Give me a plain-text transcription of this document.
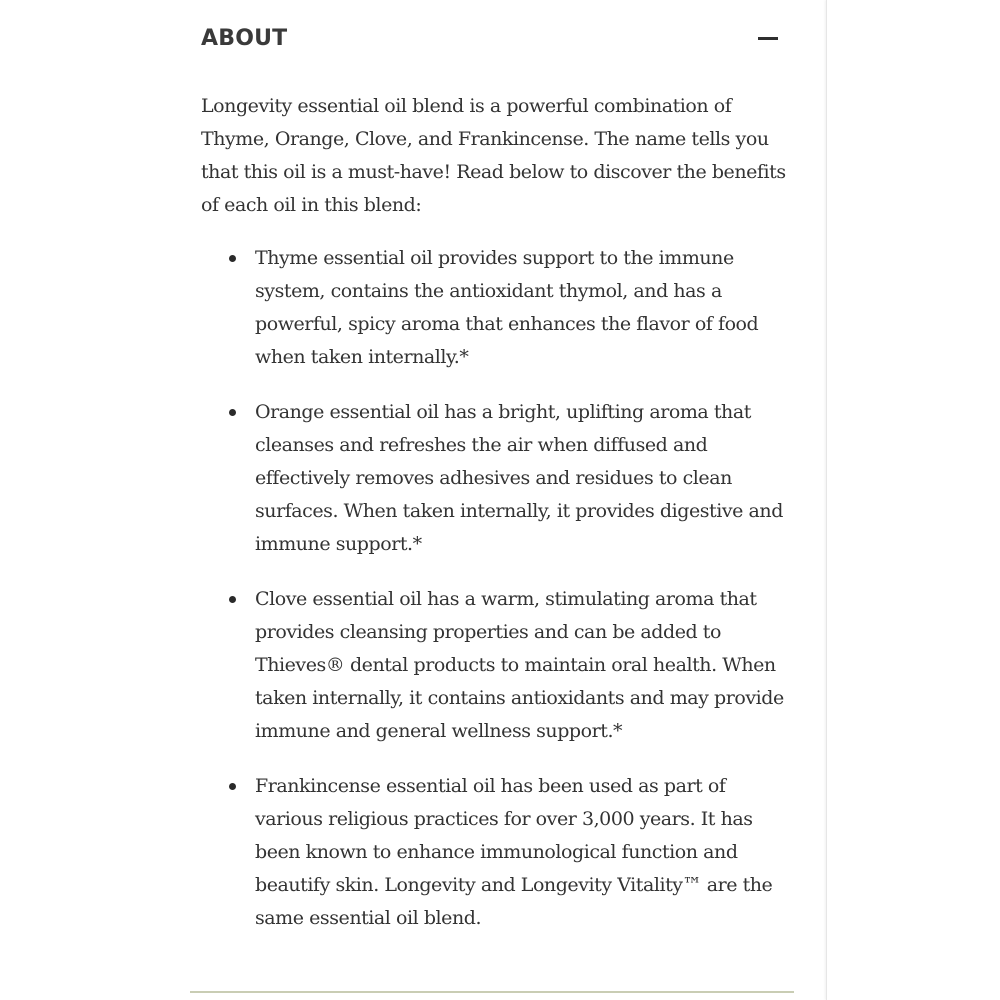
ABOUT

Longevity essential oil blend is a powerful combination of Thyme, Orange, Clove, and Frankincense. The name tells you that this oil is a must-have! Read below to discover the benefits of each oil in this blend:

Thyme essential oil provides support to the immune system, contains the antioxidant thymol, and has a powerful, spicy aroma that enhances the flavor of food when taken internally.*
Orange essential oil has a bright, uplifting aroma that cleanses and refreshes the air when diffused and effectively removes adhesives and residues to clean surfaces. When taken internally, it provides digestive and immune support.*
Clove essential oil has a warm, stimulating aroma that provides cleansing properties and can be added to Thieves® dental products to maintain oral health. When taken internally, it contains antioxidants and may provide immune and general wellness support.*
Frankincense essential oil has been used as part of various religious practices for over 3,000 years. It has been known to enhance immunological function and beautify skin. Longevity and Longevity Vitality™ are the same essential oil blend.
